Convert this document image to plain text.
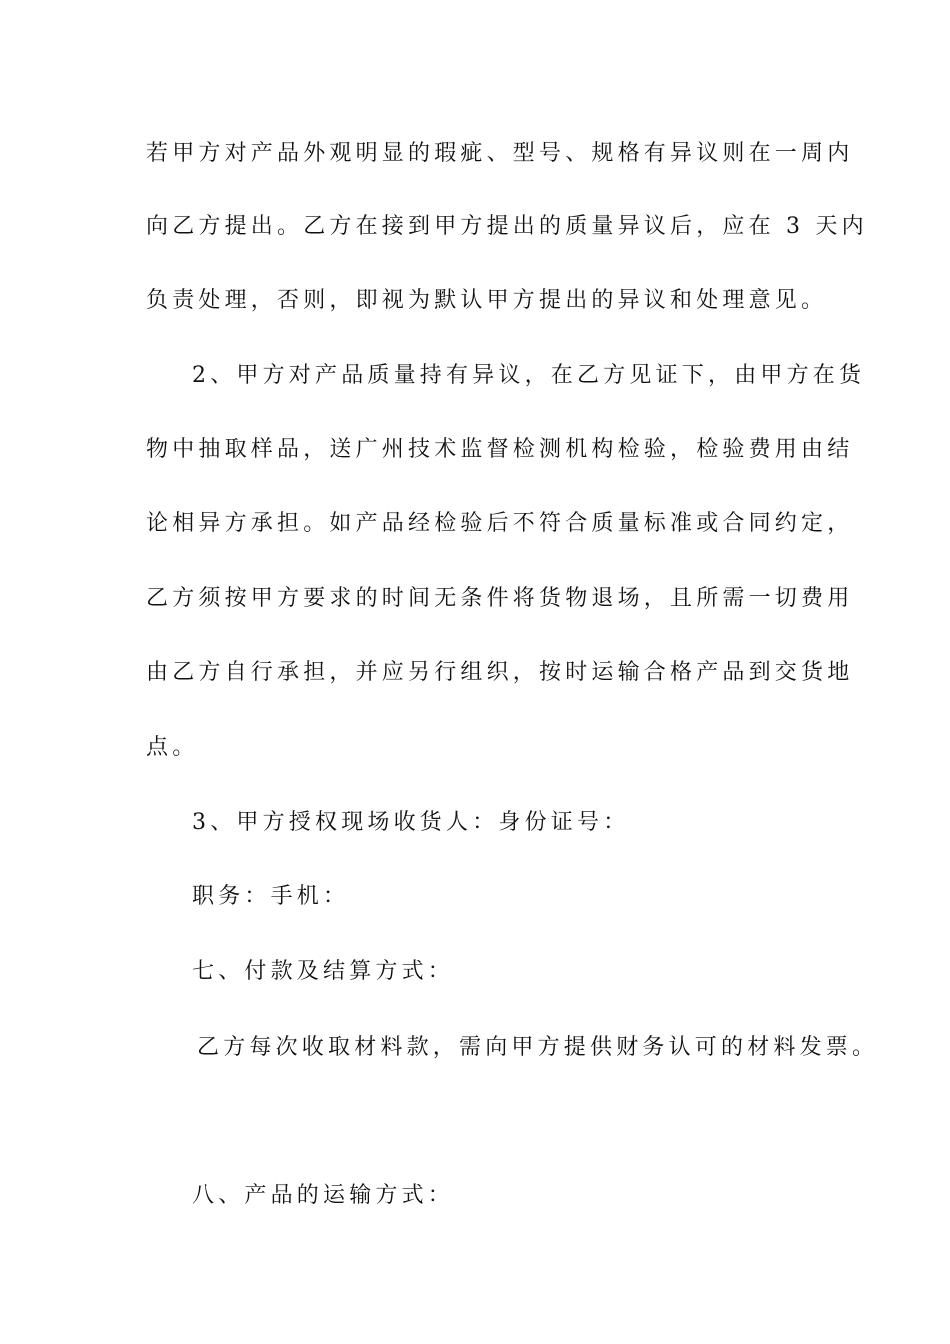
若甲方对产品外观明显的瑕疵、型号、规格有异议则在一周内
向乙方提出。乙方在接到甲方提出的质量异议后，应在 3 天内
负责处理，否则，即视为默认甲方提出的异议和处理意见。
2、甲方对产品质量持有异议，在乙方见证下，由甲方在货
物中抽取样品，送广州技术监督检测机构检验，检验费用由结
论相异方承担。如产品经检验后不符合质量标准或合同约定，
乙方须按甲方要求的时间无条件将货物退场，且所需一切费用
由乙方自行承担，并应另行组织，按时运输合格产品到交货地
点。
3、甲方授权现场收货人：身份证号：
职务：手机：
七、付款及结算方式：
乙方每次收取材料款，需向甲方提供财务认可的材料发票。
八、产品的运输方式：
